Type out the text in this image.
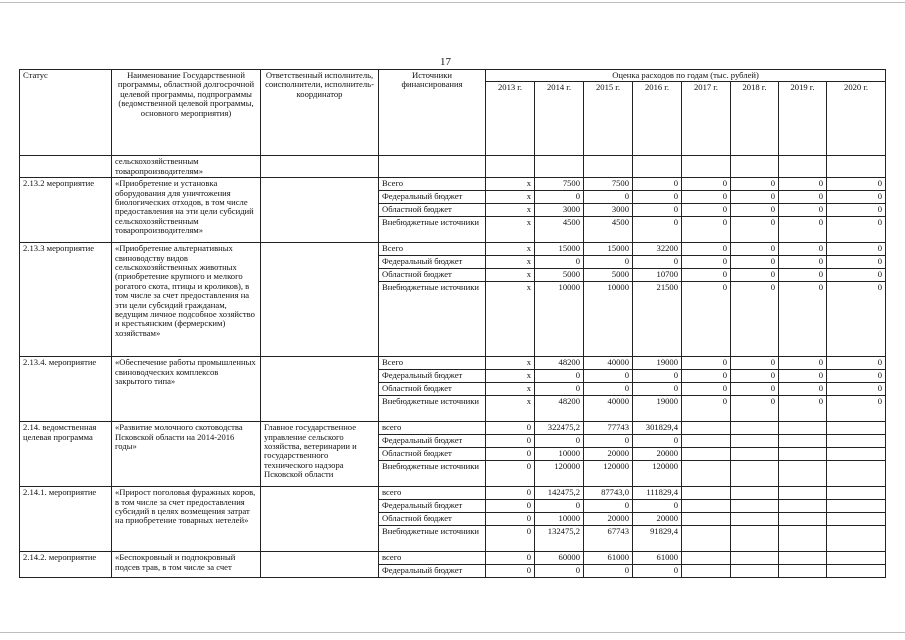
17
Статус	Наименование Государственной программы, областной долгосрочной целевой программы, подпрограммы (ведомственной целевой программы, основного мероприятия)	Ответственный исполнитель, соисполнители, исполнитель-координатор	Источники финансирования	Оценка расходов по годам (тыс. рублей)							
				2013 г.	2014 г.	2015 г.	2016 г.	2017 г.	2018 г.	2019 г.	2020 г.
	сельскохозяйственным товаропроизводителям»										
2.13.2 мероприятие	«Приобретение и установка оборудования для уничтожения биологических отходов, в том числе предоставления на эти цели субсидий сельскохозяйственным товаропроизводителям»		Всего	х	7500	7500	0	0	0	0	0
			Федеральный бюджет	х	0	0	0	0	0	0	0
			Областной бюджет	х	3000	3000	0	0	0	0	0
			Внебюджетные источники	х	4500	4500	0	0	0	0	0
2.13.3 мероприятие	«Приобретение альтернативных свиноводству видов сельскохозяйственных животных (приобретение крупного и мелкого рогатого скота, птицы и кроликов), в том числе за счет предоставления на эти цели субсидий гражданам, ведущим личное подсобное хозяйство и крестьянским (фермерским) хозяйствам»		Всего	х	15000	15000	32200	0	0	0	0
			Федеральный бюджет	х	0	0	0	0	0	0	0
			Областной бюджет	х	5000	5000	10700	0	0	0	0
			Внебюджетные источники	х	10000	10000	21500	0	0	0	0
2.13.4. мероприятие	«Обеспечение работы промышленных свиноводческих комплексов закрытого типа»		Всего	х	48200	40000	19000	0	0	0	0
			Федеральный бюджет	х	0	0	0	0	0	0	0
			Областной бюджет	х	0	0	0	0	0	0	0
			Внебюджетные источники	х	48200	40000	19000	0	0	0	0
2.14. ведомственная целевая программа	«Развитие молочного скотоводства Псковской области на 2014-2016 годы»	Главное государственное управление сельского хозяйства, ветеринарии и государственного технического надзора Псковской области	всего	0	322475,2	77743	301829,4				
			Федеральный бюджет	0	0	0	0				
			Областной бюджет	0	10000	20000	20000				
			Внебюджетные источники	0	120000	120000	120000				
2.14.1. мероприятие	«Прирост поголовья фуражных коров, в том числе за счет предоставления субсидий в целях возмещения затрат на приобретение товарных нетелей»		всего	0	142475,2	87743,0	111829,4				
			Федеральный бюджет	0	0	0	0				
			Областной бюджет	0	10000	20000	20000				
			Внебюджетные источники	0	132475,2	67743	91829,4				
2.14.2. мероприятие	«Беспокровный и подпокровный подсев трав, в том числе за счет		всего	0	60000	61000	61000				
			Федеральный бюджет	0	0	0	0				
